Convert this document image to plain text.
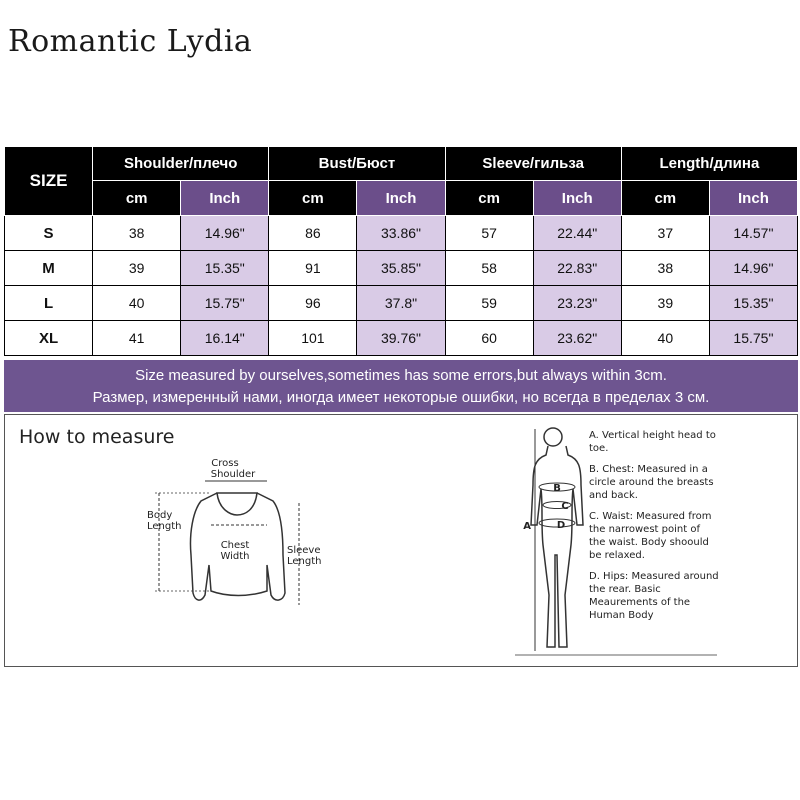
Romantic Lydia
SIZE	Shoulder/плечо		Bust/Бюст		Sleeve/гильза		Length/длина	
	cm	Inch	cm	Inch	cm	Inch	cm	Inch
S	38	14.96"	86	33.86"	57	22.44"	37	14.57"
M	39	15.35"	91	35.85"	58	22.83"	38	14.96"
L	40	15.75"	96	37.8"	59	23.23"	39	15.35"
XL	41	16.14"	101	39.76"	60	23.62"	40	15.75"
Size measured by ourselves,sometimes has some errors,but always within 3cm.
Размер, измеренный нами, иногда имеет некоторые ошибки, но всегда в пределах 3 см.
How to measure
Cross
Shoulder
Chest
Width
Body
Length
Sleeve
Length
B
C
D
A

A. Vertical height head to toe.

B. Chest: Measured in a circle around the breasts and back.

C. Waist: Measured from the narrowest point of the waist. Body shoould be relaxed.

D. Hips: Measured around the rear. Basic Meaurements of the Human Body
